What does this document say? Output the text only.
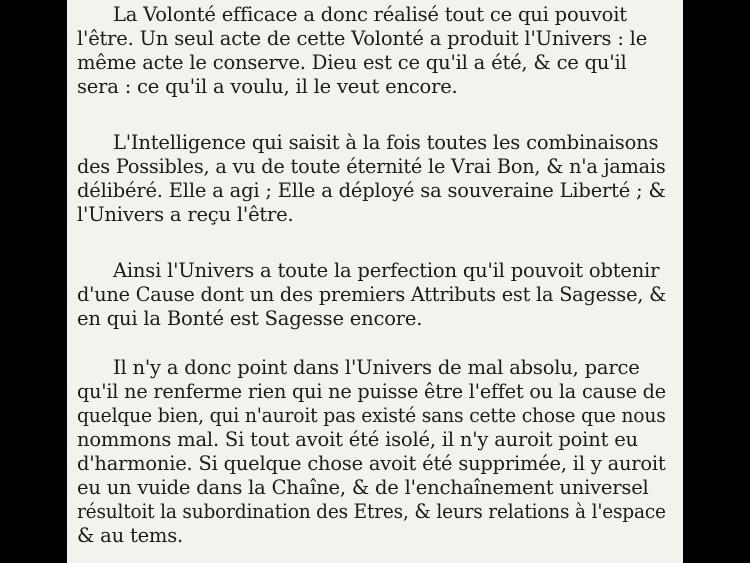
La Volonté efficace a donc réalisé tout ce qui pouvoit
l'être. Un seul acte de cette Volonté a produit l'Univers : le
même acte le conserve. Dieu est ce qu'il a été, & ce qu'il
sera : ce qu'il a voulu, il le veut encore.
L'Intelligence qui saisit à la fois toutes les combinaisons
des Possibles, a vu de toute éternité le Vrai Bon, & n'a jamais
délibéré. Elle a agi ; Elle a déployé sa souveraine Liberté ; &
l'Univers a reçu l'être.
Ainsi l'Univers a toute la perfection qu'il pouvoit obtenir
d'une Cause dont un des premiers Attributs est la Sagesse, &
en qui la Bonté est Sagesse encore.
Il n'y a donc point dans l'Univers de mal absolu, parce
qu'il ne renferme rien qui ne puisse être l'effet ou la cause de
quelque bien, qui n'auroit pas existé sans cette chose que nous
nommons mal. Si tout avoit été isolé, il n'y auroit point eu
d'harmonie. Si quelque chose avoit été supprimée, il y auroit
eu un vuide dans la Chaîne, & de l'enchaînement universel
résultoit la subordination des Etres, & leurs relations à l'espace
& au tems.
